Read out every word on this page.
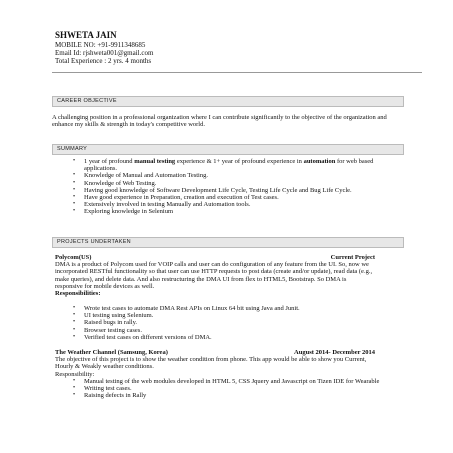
SHWETA JAIN
MOBILE NO: +91-9911348685
Email Id: rjshweta001@gmail.com
Total Experience : 2 yrs. 4 months
CAREER OBJECTIVE
A challenging position in a professional organization where I can contribute significantly to the objective of the organization and enhance my skills & strength in today's competitive world.
SUMMARY
• 1 year of profound manual testing experience & 1+ year of profound experience in automation for web based applications.
• Knowledge of Manual and Automation Testing.
• Knowledge of Web Testing.
• Having good knowledge of Software Development Life Cycle, Testing Life Cycle and Bug Life Cycle.
• Have good experience in Preparation, creation and execution of Test cases.
• Extensively involved in testing Manually and Automation tools.
• Exploring knowledge in Selenium
PROJECTS UNDERTAKEN
Polycom(US)	Current Project
DMA is a product of Polycom used for VOIP calls and user can do configuration of any feature from the UI. So, now we incorporated RESTful functionality so that user can use HTTP requests to post data (create and/or update), read data (e.g., make queries), and delete data. And also restructuring the DMA UI from flex to HTML5, Bootstrap. So DMA is responsive for mobile devices as well.
Responsibilities:
• Wrote test cases to automate DMA Rest APIs on Linux 64 bit using Java and Junit.
• UI testing using Selenium.
• Raised bugs in rally.
• Browser testing cases.
• Verified test cases on different versions of DMA.
The Weather Channel (Samsung, Korea)	August 2014- December 2014
The objective of this project is to show the weather condition from phone. This app would be able to show you Current, Hourly & Weakly weather conditions.
Responsibility:
• Manual testing of the web modules developed in HTML 5, CSS Jquery and Javascript on Tizen IDE for Wearable
• Writing test cases.
• Raising defects in Rally
